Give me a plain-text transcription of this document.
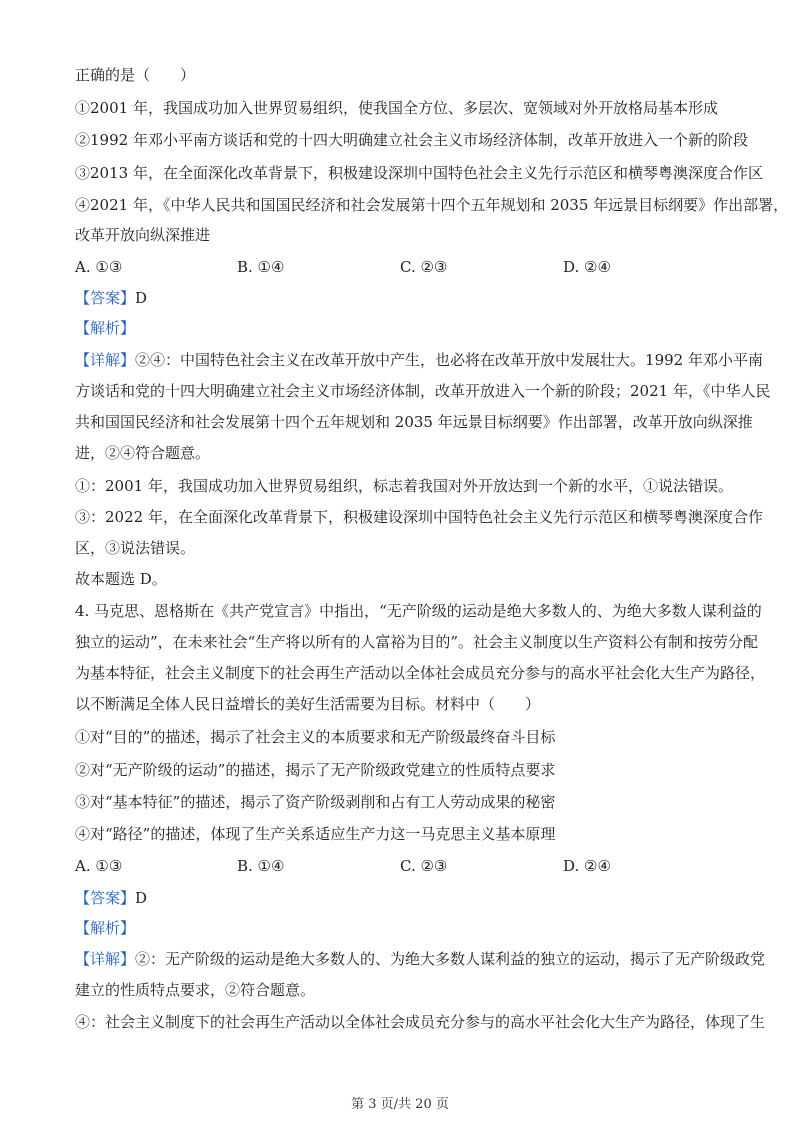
正确的是（　　）
①2001 年，我国成功加入世界贸易组织，使我国全方位、多层次、宽领域对外开放格局基本形成
②1992 年邓小平南方谈话和党的十四大明确建立社会主义市场经济体制，改革开放进入一个新的阶段
③2013 年，在全面深化改革背景下，积极建设深圳中国特色社会主义先行示范区和横琴粤澳深度合作区
④2021 年，《中华人民共和国国民经济和社会发展第十四个五年规划和 2035 年远景目标纲要》作出部署，
改革开放向纵深推进
A. ①③	B. ①④	C. ②③	D. ②④
【答案】D
【解析】
【详解】②④：中国特色社会主义在改革开放中产生，也必将在改革开放中发展壮大。1992 年邓小平南
方谈话和党的十四大明确建立社会主义市场经济体制，改革开放进入一个新的阶段；2021 年，《中华人民
共和国国民经济和社会发展第十四个五年规划和 2035 年远景目标纲要》作出部署，改革开放向纵深推
进，②④符合题意。
①：2001 年，我国成功加入世界贸易组织，标志着我国对外开放达到一个新的水平，①说法错误。
③：2022 年，在全面深化改革背景下，积极建设深圳中国特色社会主义先行示范区和横琴粤澳深度合作
区，③说法错误。
故本题选 D。
4. 马克思、恩格斯在《共产党宣言》中指出，“无产阶级的运动是绝大多数人的、为绝大多数人谋利益的
独立的运动”，在未来社会“生产将以所有的人富裕为目的”。社会主义制度以生产资料公有制和按劳分配
为基本特征，社会主义制度下的社会再生产活动以全体社会成员充分参与的高水平社会化大生产为路径，
以不断满足全体人民日益增长的美好生活需要为目标。材料中（　　）
①对“目的”的描述，揭示了社会主义的本质要求和无产阶级最终奋斗目标
②对“无产阶级的运动”的描述，揭示了无产阶级政党建立的性质特点要求
③对“基本特征”的描述，揭示了资产阶级剥削和占有工人劳动成果的秘密
④对“路径”的描述，体现了生产关系适应生产力这一马克思主义基本原理
A. ①③	B. ①④	C. ②③	D. ②④
【答案】D
【解析】
【详解】②：无产阶级的运动是绝大多数人的、为绝大多数人谋利益的独立的运动，揭示了无产阶级政党
建立的性质特点要求，②符合题意。
④：社会主义制度下的社会再生产活动以全体社会成员充分参与的高水平社会化大生产为路径，体现了生
第 3 页/共 20 页
